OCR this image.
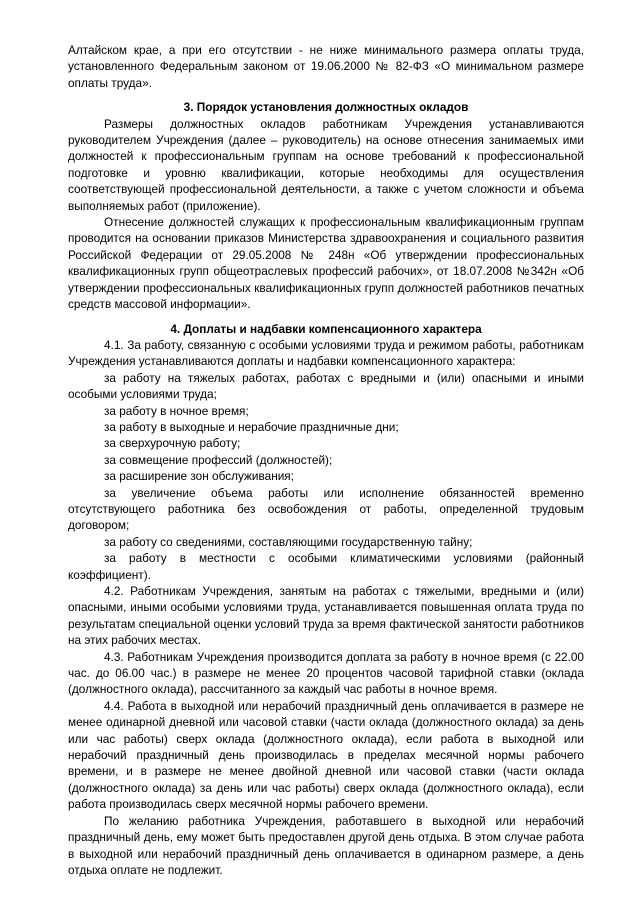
Алтайском крае, а при его отсутствии - не ниже минимального размера оплаты труда, установленного Федеральным законом от 19.06.2000 № 82-ФЗ «О минимальном размере оплаты труда».

3. Порядок установления должностных окладов

Размеры должностных окладов работникам Учреждения устанавливаются руководителем Учреждения (далее – руководитель) на основе отнесения занимаемых ими должностей к профессиональным группам на основе требований к профессиональной подготовке и уровню квалификации, которые необходимы для осуществления соответствующей профессиональной деятельности, а также с учетом сложности и объема выполняемых работ (приложение).

Отнесение должностей служащих к профессиональным квалификационным группам проводится на основании приказов Министерства здравоохранения и социального развития Российской Федерации от 29.05.2008 № 248н «Об утверждении профессиональных квалификационных групп общеотраслевых профессий рабочих», от 18.07.2008 №342н «Об утверждении профессиональных квалификационных групп должностей работников печатных средств массовой информации».

4. Доплаты и надбавки компенсационного характера

4.1. За работу, связанную с особыми условиями труда и режимом работы, работникам Учреждения устанавливаются доплаты и надбавки компенсационного характера:

за работу на тяжелых работах, работах с вредными и (или) опасными и иными особыми условиями труда;

за работу в ночное время;

за работу в выходные и нерабочие праздничные дни;

за сверхурочную работу;

за совмещение профессий (должностей);

за расширение зон обслуживания;

за увеличение объема работы или исполнение обязанностей временно отсутствующего работника без освобождения от работы, определенной трудовым договором;

за работу со сведениями, составляющими государственную тайну;

за работу в местности с особыми климатическими условиями (районный коэффициент).

4.2. Работникам Учреждения, занятым на работах с тяжелыми, вредными и (или) опасными, иными особыми условиями труда, устанавливается повышенная оплата труда по результатам специальной оценки условий труда за время фактической занятости работников на этих рабочих местах.

4.3. Работникам Учреждения производится доплата за работу в ночное время (с 22.00 час. до 06.00 час.) в размере не менее 20 процентов часовой тарифной ставки (оклада (должностного оклада), рассчитанного за каждый час работы в ночное время.

4.4. Работа в выходной или нерабочий праздничный день оплачивается в размере не менее одинарной дневной или часовой ставки (части оклада (должностного оклада) за день или час работы) сверх оклада (должностного оклада), если работа в выходной или нерабочий праздничный день производилась в пределах месячной нормы рабочего времени, и в размере не менее двойной дневной или часовой ставки (части оклада (должностного оклада) за день или час работы) сверх оклада (должностного оклада), если работа производилась сверх месячной нормы рабочего времени.

По желанию работника Учреждения, работавшего в выходной или нерабочий праздничный день, ему может быть предоставлен другой день отдыха. В этом случае работа в выходной или нерабочий праздничный день оплачивается в одинарном размере, а день отдыха оплате не подлежит.
